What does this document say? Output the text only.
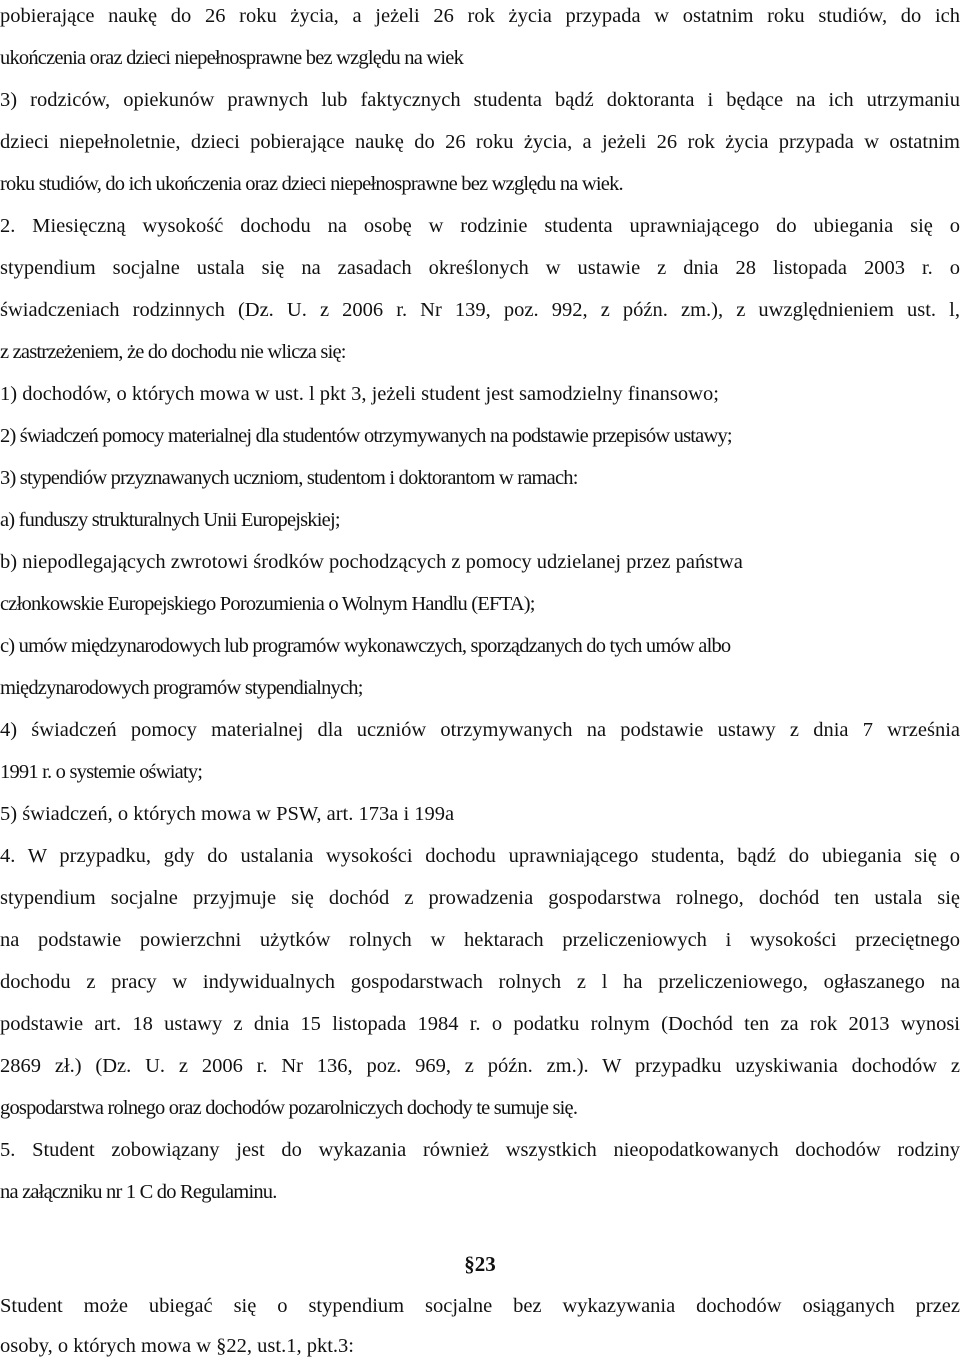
pobierające naukę do 26 roku życia, a jeżeli 26 rok życia przypada w ostatnim roku studiów, do ich
ukończenia oraz dzieci niepełnosprawne bez względu na wiek
3) rodziców, opiekunów prawnych lub faktycznych studenta bądź doktoranta i będące na ich utrzymaniu
dzieci niepełnoletnie, dzieci pobierające naukę do 26 roku życia, a jeżeli 26 rok życia przypada w ostatnim
roku studiów, do ich ukończenia oraz dzieci niepełnosprawne bez względu na wiek.
2. Miesięczną wysokość dochodu na osobę w rodzinie studenta uprawniającego do ubiegania się o
stypendium socjalne ustala się na zasadach określonych w ustawie z dnia 28 listopada 2003 r. o
świadczeniach rodzinnych (Dz. U. z 2006 r. Nr 139, poz. 992, z późn. zm.), z uwzględnieniem ust. l,
z zastrzeżeniem, że do dochodu nie wlicza się:
1) dochodów, o których mowa w ust. l pkt 3, jeżeli student jest samodzielny finansowo;
2) świadczeń pomocy materialnej dla studentów otrzymywanych na podstawie przepisów ustawy;
3) stypendiów przyznawanych uczniom, studentom i doktorantom w ramach:
a) funduszy strukturalnych Unii Europejskiej;
b) niepodlegających zwrotowi środków pochodzących z pomocy udzielanej przez państwa
członkowskie Europejskiego Porozumienia o Wolnym Handlu (EFTA);
c) umów międzynarodowych lub programów wykonawczych, sporządzanych do tych umów albo
międzynarodowych programów stypendialnych;
4) świadczeń pomocy materialnej dla uczniów otrzymywanych na podstawie ustawy z dnia 7 września
1991 r. o systemie oświaty;
5) świadczeń, o których mowa w PSW, art. 173a i 199a
4. W przypadku, gdy do ustalania wysokości dochodu uprawniającego studenta, bądź do ubiegania się o
stypendium socjalne przyjmuje się dochód z prowadzenia gospodarstwa rolnego, dochód ten ustala się
na podstawie powierzchni użytków rolnych w hektarach przeliczeniowych i wysokości przeciętnego
dochodu z pracy w indywidualnych gospodarstwach rolnych z l ha przeliczeniowego, ogłaszanego na
podstawie art. 18 ustawy z dnia 15 listopada 1984 r. o podatku rolnym (Dochód ten za rok 2013 wynosi
2869 zł.) (Dz. U. z 2006 r. Nr 136, poz. 969, z późn. zm.). W przypadku uzyskiwania dochodów z
gospodarstwa rolnego oraz dochodów pozarolniczych dochody te sumuje się.
5. Student zobowiązany jest do wykazania również wszystkich nieopodatkowanych dochodów rodziny
na załączniku nr 1 C do Regulaminu.
§23
Student może ubiegać się o stypendium socjalne bez wykazywania dochodów osiąganych przez
osoby, o których mowa w §22, ust.1, pkt.3:
